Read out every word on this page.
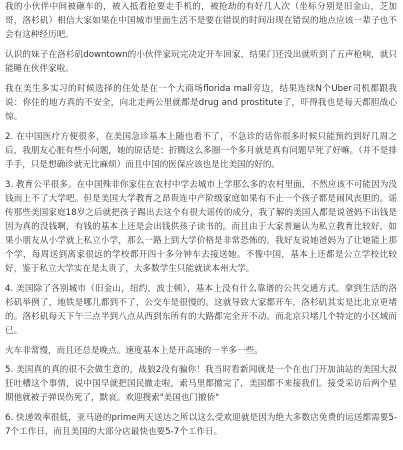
我的小伙伴中间被砸车的，被入抵看抢要走手机的，被抢劫的有好几人次（坐标分别是旧金山，芝加哥，洛杉矶）相信大家如果在中国城市里面生活不是要在错误的时间出现在错误的地点应该一辈子也不会有这种经历吧。

认识的妹子在洛杉矶downtown的小伙伴家玩完决定开车回家，结果门还没出就听到了五声枪响，就只能睡在伙伴家啦。

我在美生多实习的时候选择的住处是在一个大商场florida mall旁边，结果连续N个Uber司机都跟我说：你住的地方真的不安全，向北走两公里就都是drug and prostitute了，吓得我也是每天都胆战心惊。

2. 在中国医疗方便很多，在美国急诊基本上随也看不了，不急诊的话你很多时候只能预约到好几周之后，我朋友心脏有些小问题，她的原话是：折腾这么多圈一个多月就是真有问题早死了好嘛。（并不是排手手，只是想确诊就无比麻烦）而且中国的医保应该也是比美国的好的。

3. 教育公平很多。在中国殊非你家住在农村中学去城市上学那么多的农村里面，不然应该不可能因为没钱而上不了大学吧。但是美国大学教育之昂贵连中产阶级家庭如果有不止一个孩子都是闹风丧胆的。谣传那些美国家庭18岁之后就把孩子踢出去这个有很大谣传的成分，我了解的美国人都是说爸妈不出钱是因为真的没钱啊，有钱的基本上还是会出钱供孩子读书的。而且由于大家普遍认为私立教育比较好，如果小朋友从小学就上私立小学，那么一路上到大学价格是非常恐怖的。我好友说她爸妈为了让她能上那个学，每周送到离家很远的学校都开四十多分钟车去接送她。不像中国，基本上还都是公立学校比较好，鉴于私立大学实在是太贵了，大多数学生只能就读本州大学。

4. 美国除了各别城市（旧金山，纽约，波士顿），基本上没有什么靠谱的公共交通方式。拿到生活的洛杉矶举例了，地铁是哪儿都到不了，公交车是很慢的。这就导致大家都开车，洛杉矶其实是比北京更堵的。洛杉矶每天下午三点半到八点从西到东所有的大路都完全开不动。而北京只堵几个特定的小区域而已。

火车非常慢，而且还总是晚点。速度基本上是开高速的一半多一些。

5. 美国真的真的很不会做生意的，战狼2没有骗你！我当时看新闻就是一个在也门开加油站的美国大叔狂吐槽这个事情，说中国早就把国民撤走啦，索马里都撤完了，美国都不来接我们。接受采访后两个星期他就被子弹误伤死了，默哀。欢迎搜索"美国也门撤侨"

6. 快递效率很低，亚马逊的prime两天送达之所以这么受欢迎就是因为绝大多数店免费的运送都需要5-7个工作日，而且美国的大部分店最快也要5-7个工作日。
